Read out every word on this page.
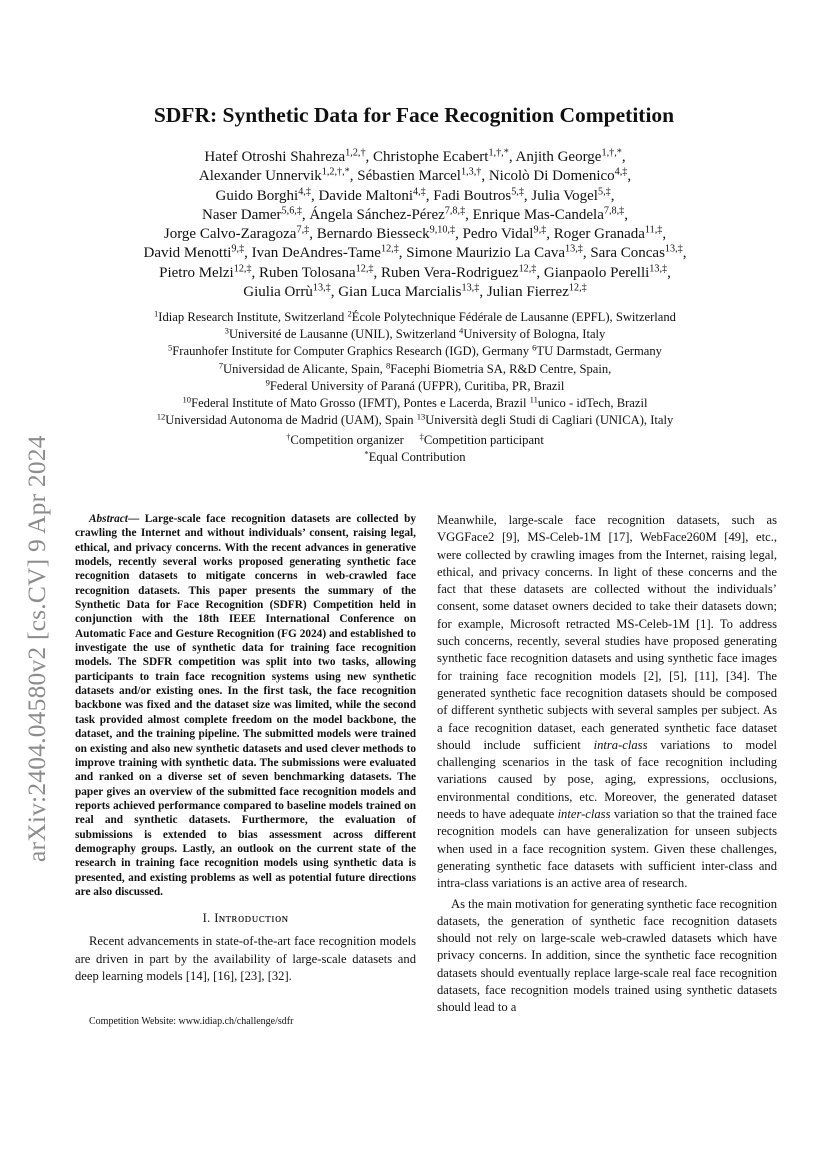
arXiv:2404.04580v2 [cs.CV] 9 Apr 2024
SDFR: Synthetic Data for Face Recognition Competition
Hatef Otroshi Shahreza$^{1,2,\dagger}$, Christophe Ecabert$^{1,\dagger,*}$, Anjith George$^{1,\dagger,*}$,
Alexander Unnervik$^{1,2,\dagger,*}$, Sébastien Marcel$^{1,3,\dagger}$, Nicolò Di Domenico$^{4,\ddagger}$,
Guido Borghi$^{4,\ddagger}$, Davide Maltoni$^{4,\ddagger}$, Fadi Boutros$^{5,\ddagger}$, Julia Vogel$^{5,\ddagger}$,
Naser Damer$^{5,6,\ddagger}$, Ángela Sánchez-Pérez$^{7,8,\ddagger}$, Enrique Mas-Candela$^{7,8,\ddagger}$,
Jorge Calvo-Zaragoza$^{7,\ddagger}$, Bernardo Biesseck$^{9,10,\ddagger}$, Pedro Vidal$^{9,\ddagger}$, Roger Granada$^{11,\ddagger}$,
David Menotti$^{9,\ddagger}$, Ivan DeAndres-Tame$^{12,\ddagger}$, Simone Maurizio La Cava$^{13,\ddagger}$, Sara Concas$^{13,\ddagger}$,
Pietro Melzi$^{12,\ddagger}$, Ruben Tolosana$^{12,\ddagger}$, Ruben Vera-Rodriguez$^{12,\ddagger}$, Gianpaolo Perelli$^{13,\ddagger}$,
Giulia Orrù$^{13,\ddagger}$, Gian Luca Marcialis$^{13,\ddagger}$, Julian Fierrez$^{12,\ddagger}$
$^1$Idiap Research Institute, Switzerland $^2$École Polytechnique Fédérale de Lausanne (EPFL), Switzerland
$^3$Université de Lausanne (UNIL), Switzerland $^4$University of Bologna, Italy
$^5$Fraunhofer Institute for Computer Graphics Research (IGD), Germany $^6$TU Darmstadt, Germany
$^7$Universidad de Alicante, Spain, $^8$Facephi Biometria SA, R&D Centre, Spain,
$^9$Federal University of Paraná (UFPR), Curitiba, PR, Brazil
$^{10}$Federal Institute of Mato Grosso (IFMT), Pontes e Lacerda, Brazil $^{11}$unico - idTech, Brazil
$^{12}$Universidad Autonoma de Madrid (UAM), Spain $^{13}$Università degli Studi di Cagliari (UNICA), Italy
†Competition organizer ‡Competition participant
*Equal Contribution

Abstract— Large-scale face recognition datasets are collected by crawling the Internet and without individuals’ consent, raising legal, ethical, and privacy concerns. With the recent advances in generative models, recently several works proposed generating synthetic face recognition datasets to mitigate concerns in web-crawled face recognition datasets. This paper presents the summary of the Synthetic Data for Face Recognition (SDFR) Competition held in conjunction with the 18th IEEE International Conference on Automatic Face and Gesture Recognition (FG 2024) and established to investigate the use of synthetic data for training face recognition models. The SDFR competition was split into two tasks, allowing participants to train face recognition systems using new synthetic datasets and/or existing ones. In the first task, the face recognition backbone was fixed and the dataset size was limited, while the second task provided almost complete freedom on the model backbone, the dataset, and the training pipeline. The submitted models were trained on existing and also new synthetic datasets and used clever methods to improve training with synthetic data. The submissions were evaluated and ranked on a diverse set of seven benchmarking datasets. The paper gives an overview of the submitted face recognition models and reports achieved performance compared to baseline models trained on real and synthetic datasets. Furthermore, the evaluation of submissions is extended to bias assessment across different demography groups. Lastly, an outlook on the current state of the research in training face recognition models using synthetic data is presented, and existing problems as well as potential future directions are also discussed.

I. Iɴᴛʀᴏᴅᴜᴄᴛɪᴏɴ

Recent advancements in state-of-the-art face recognition models are driven in part by the availability of large-scale datasets and deep learning models [14], [16], [23], [32].

Competition Website: www.idiap.ch/challenge/sdfr

Meanwhile, large-scale face recognition datasets, such as VGGFace2 [9], MS-Celeb-1M [17], WebFace260M [49], etc., were collected by crawling images from the Internet, raising legal, ethical, and privacy concerns. In light of these concerns and the fact that these datasets are collected without the individuals’ consent, some dataset owners decided to take their datasets down; for example, Microsoft retracted MS-Celeb-1M [1]. To address such concerns, recently, several studies have proposed generating synthetic face recognition datasets and using synthetic face images for training face recognition models [2], [5], [11], [34]. The generated synthetic face recognition datasets should be composed of different synthetic subjects with several samples per subject. As a face recognition dataset, each generated synthetic face dataset should include sufficient intra-class variations to model challenging scenarios in the task of face recognition including variations caused by pose, aging, expressions, occlusions, environmental conditions, etc. Moreover, the generated dataset needs to have adequate inter-class variation so that the trained face recognition models can have generalization for unseen subjects when used in a face recognition system. Given these challenges, generating synthetic face datasets with sufficient inter-class and intra-class variations is an active area of research.

As the main motivation for generating synthetic face recognition datasets, the generation of synthetic face recognition datasets should not rely on large-scale web-crawled datasets which have privacy concerns. In addition, since the synthetic face recognition datasets should eventually replace large-scale real face recognition datasets, face recognition models trained using synthetic datasets should lead to a
